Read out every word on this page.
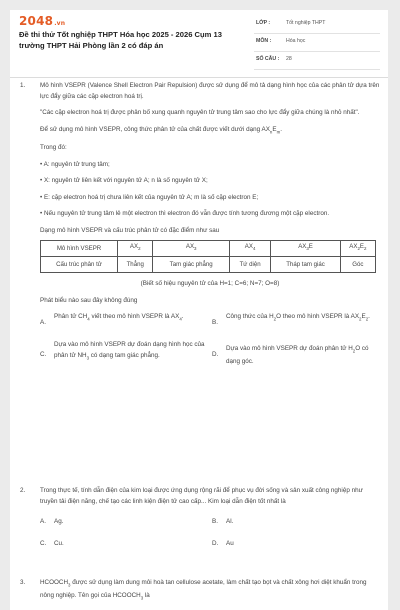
2048.vn
Đề thi thử Tốt nghiệp THPT Hóa học 2025 - 2026 Cụm 13 trường THPT Hải Phòng lần 2 có đáp án
LỚP :	Tốt nghiệp THPT
MÔN :	Hóa học
SỐ CÂU : 28
1. Mô hình VSEPR (Valence Shell Electron Pair Repulsion) được sử dụng để mô tả dạng hình học của các phân tử dựa trên lực đẩy giữa các cặp electron hoá trị.

"Các cặp electron hoá trị được phân bố xung quanh nguyên tử trung tâm sao cho lực đẩy giữa chúng là nhỏ nhất".

Để sử dụng mô hình VSEPR, công thức phân tử của chất được viết dưới dạng $AX_nE_m$.

Trong đó:

• A: nguyên tử trung tâm;

• X: nguyên tử liên kết với nguyên tử A; n là số nguyên tử X;

• E: cặp electron hoá trị chưa liên kết của nguyên tử A; m là số cặp electron E;

• Nếu nguyên tử trung tâm lẻ một electron thì electron đó vẫn được tính tương đương một cặp electron.

Dạng mô hình VSEPR và cấu trúc phân tử có đặc điểm như sau

Mô hình VSEPR	$AX_2$	$AX_3$	$AX_4$	$AX_3E$	$AX_2E_2$
Cấu trúc phân tử	Thẳng	Tam giác phẳng	Tứ diện	Tháp tam giác	Góc

(Biết số hiệu nguyên tử của H=1; C=6; N=7; O=8)

Phát biểu nào sau đây không đúng

A.
Phân tử $CH_4$ viết theo mô hình VSEPR là $AX_4$.
B.
Công thức của $H_2O$ theo mô hình VSEPR là $AX_2E_2$.
C.
Dựa vào mô hình VSEPR dự đoán dạng hình học của phân tử $NH_3$ có dạng tam giác phẳng.	D.
Dựa vào mô hình VSEPR dự đoán phân tử $H_2O$ có dạng góc.
2. Trong thực tế, tính dẫn điện của kim loại được ứng dụng rộng rãi để phục vụ đời sống và sản xuất công nghiệp như truyền tải điện năng, chế tạo các linh kiện điện tử cao cấp... Kim loại dẫn điện tốt nhất là

A. Ag.	B. Al.
C. Cu.	D. Au
3. $HCOOCH_3$ được sử dụng làm dung môi hoà tan cellulose acetate, làm chất tạo bọt và chất xông hơi diệt khuẩn trong nông nghiệp. Tên gọi của $HCOOCH_3$ là
